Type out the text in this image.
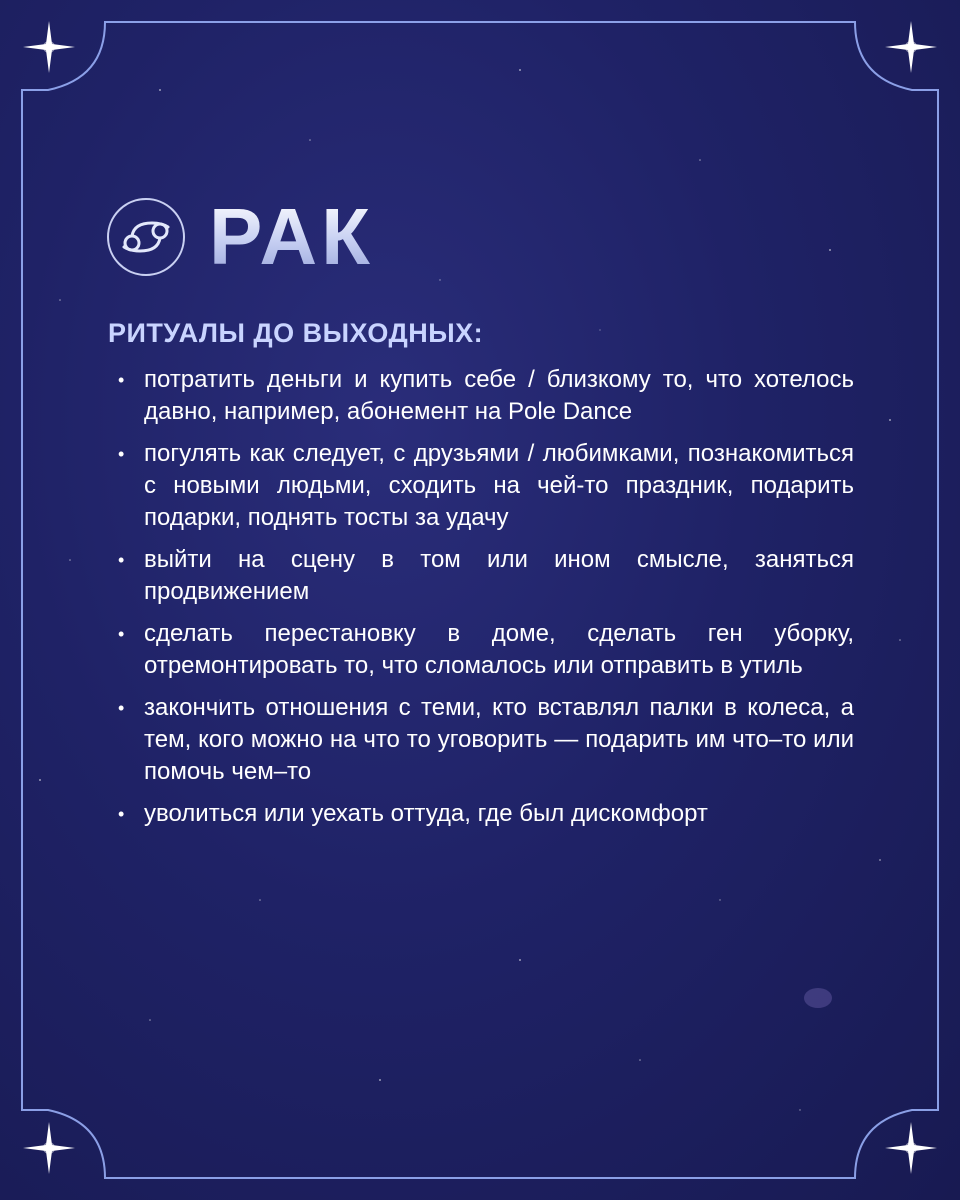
РАК
РИТУАЛЫ ДО ВЫХОДНЫХ:
• потратить деньги и купить себе / близкому то, что хотелось давно, например, абонемент на Pole Dance
• погулять как следует, с друзьями / любимками, познакомиться с новыми людьми, сходить на чей-то праздник, подарить подарки, поднять тосты за удачу
• выйти на сцену в том или ином смысле, заняться продвижением
• сделать перестановку в доме, сделать ген уборку, отремонтировать то, что сломалось или отправить в утиль
• закончить отношения с теми, кто вставлял палки в колеса, а тем, кого можно на что то уговорить — подарить им что–то или помочь чем–то
• уволиться или уехать оттуда, где был дискомфорт
